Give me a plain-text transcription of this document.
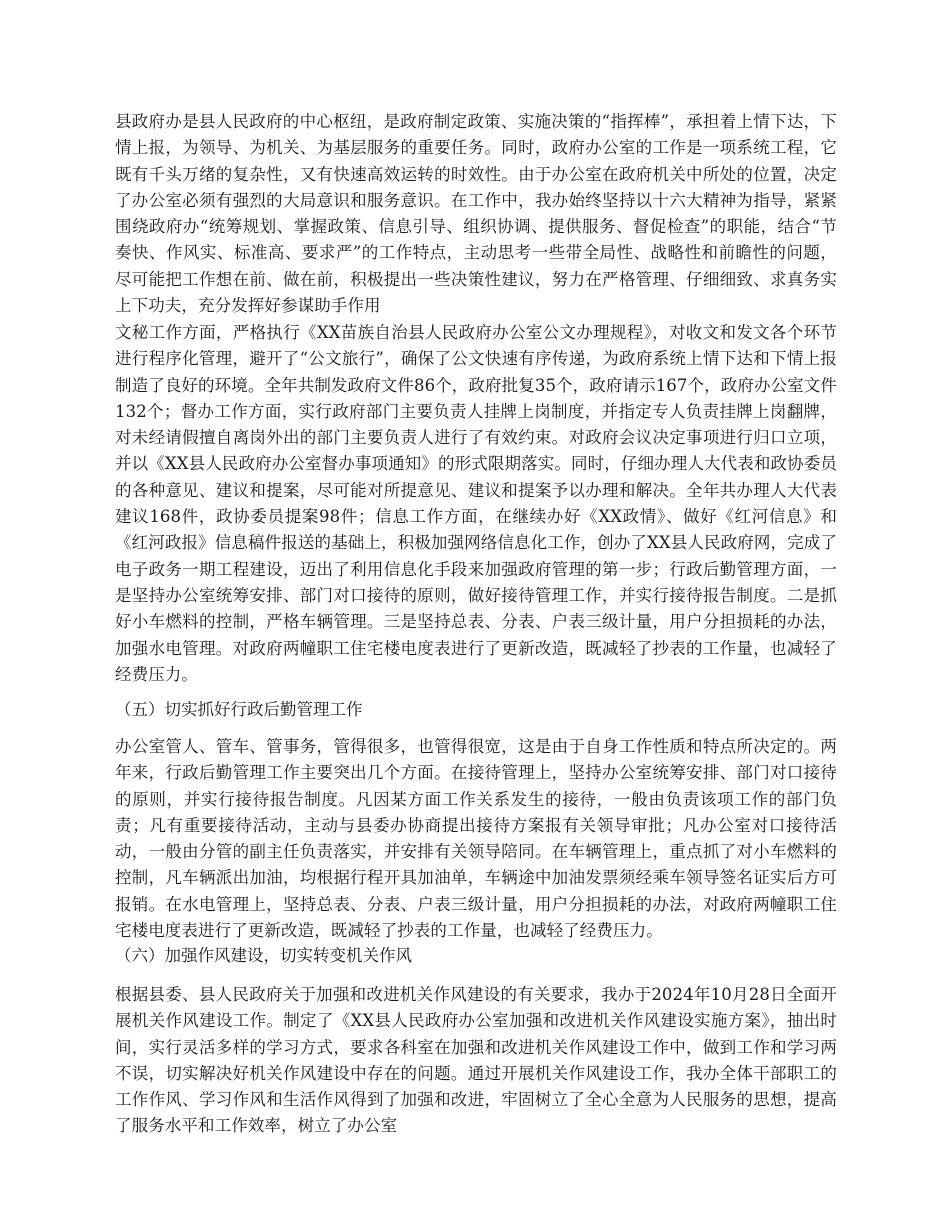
县政府办是县人民政府的中心枢纽，是政府制定政策、实施决策的“指挥棒”，承担着上情下达，下情上报，为领导、为机关、为基层服务的重要任务。同时，政府办公室的工作是一项系统工程，它既有千头万绪的复杂性，又有快速高效运转的时效性。由于办公室在政府机关中所处的位置，决定了办公室必须有强烈的大局意识和服务意识。在工作中，我办始终坚持以十六大精神为指导，紧紧围绕政府办“统筹规划、掌握政策、信息引导、组织协调、提供服务、督促检查”的职能，结合“节奏快、作风实、标准高、要求严”的工作特点，主动思考一些带全局性、战略性和前瞻性的问题，尽可能把工作想在前、做在前，积极提出一些决策性建议，努力在严格管理、仔细细致、求真务实上下功夫，充分发挥好参谋助手作用

文秘工作方面，严格执行《XX苗族自治县人民政府办公室公文办理规程》，对收文和发文各个环节进行程序化管理，避开了“公文旅行”，确保了公文快速有序传递，为政府系统上情下达和下情上报制造了良好的环境。全年共制发政府文件86个，政府批复35个，政府请示167个，政府办公室文件132个；督办工作方面，实行政府部门主要负责人挂牌上岗制度，并指定专人负责挂牌上岗翻牌，对未经请假擅自离岗外出的部门主要负责人进行了有效约束。对政府会议决定事项进行归口立项，并以《XX县人民政府办公室督办事项通知》的形式限期落实。同时，仔细办理人大代表和政协委员的各种意见、建议和提案，尽可能对所提意见、建议和提案予以办理和解决。全年共办理人大代表建议168件，政协委员提案98件；信息工作方面，在继续办好《XX政情》、做好《红河信息》和《红河政报》信息稿件报送的基础上，积极加强网络信息化工作，创办了XX县人民政府网，完成了电子政务一期工程建设，迈出了利用信息化手段来加强政府管理的第一步；行政后勤管理方面，一是坚持办公室统筹安排、部门对口接待的原则，做好接待管理工作，并实行接待报告制度。二是抓好小车燃料的控制，严格车辆管理。三是坚持总表、分表、户表三级计量，用户分担损耗的办法，加强水电管理。对政府两幢职工住宅楼电度表进行了更新改造，既减轻了抄表的工作量，也减轻了经费压力。

（五）切实抓好行政后勤管理工作

办公室管人、管车、管事务，管得很多，也管得很宽，这是由于自身工作性质和特点所决定的。两年来，行政后勤管理工作主要突出几个方面。在接待管理上，坚持办公室统筹安排、部门对口接待的原则，并实行接待报告制度。凡因某方面工作关系发生的接待，一般由负责该项工作的部门负责；凡有重要接待活动，主动与县委办协商提出接待方案报有关领导审批；凡办公室对口接待活动，一般由分管的副主任负责落实，并安排有关领导陪同。在车辆管理上，重点抓了对小车燃料的控制，凡车辆派出加油，均根据行程开具加油单，车辆途中加油发票须经乘车领导签名证实后方可报销。在水电管理上，坚持总表、分表、户表三级计量，用户分担损耗的办法，对政府两幢职工住宅楼电度表进行了更新改造，既减轻了抄表的工作量，也减轻了经费压力。

（六）加强作风建设，切实转变机关作风

根据县委、县人民政府关于加强和改进机关作风建设的有关要求，我办于2024年10月28日全面开展机关作风建设工作。制定了《XX县人民政府办公室加强和改进机关作风建设实施方案》，抽出时间，实行灵活多样的学习方式，要求各科室在加强和改进机关作风建设工作中，做到工作和学习两不误，切实解决好机关作风建设中存在的问题。通过开展机关作风建设工作，我办全体干部职工的工作作风、学习作风和生活作风得到了加强和改进，牢固树立了全心全意为人民服务的思想，提高了服务水平和工作效率，树立了办公室
